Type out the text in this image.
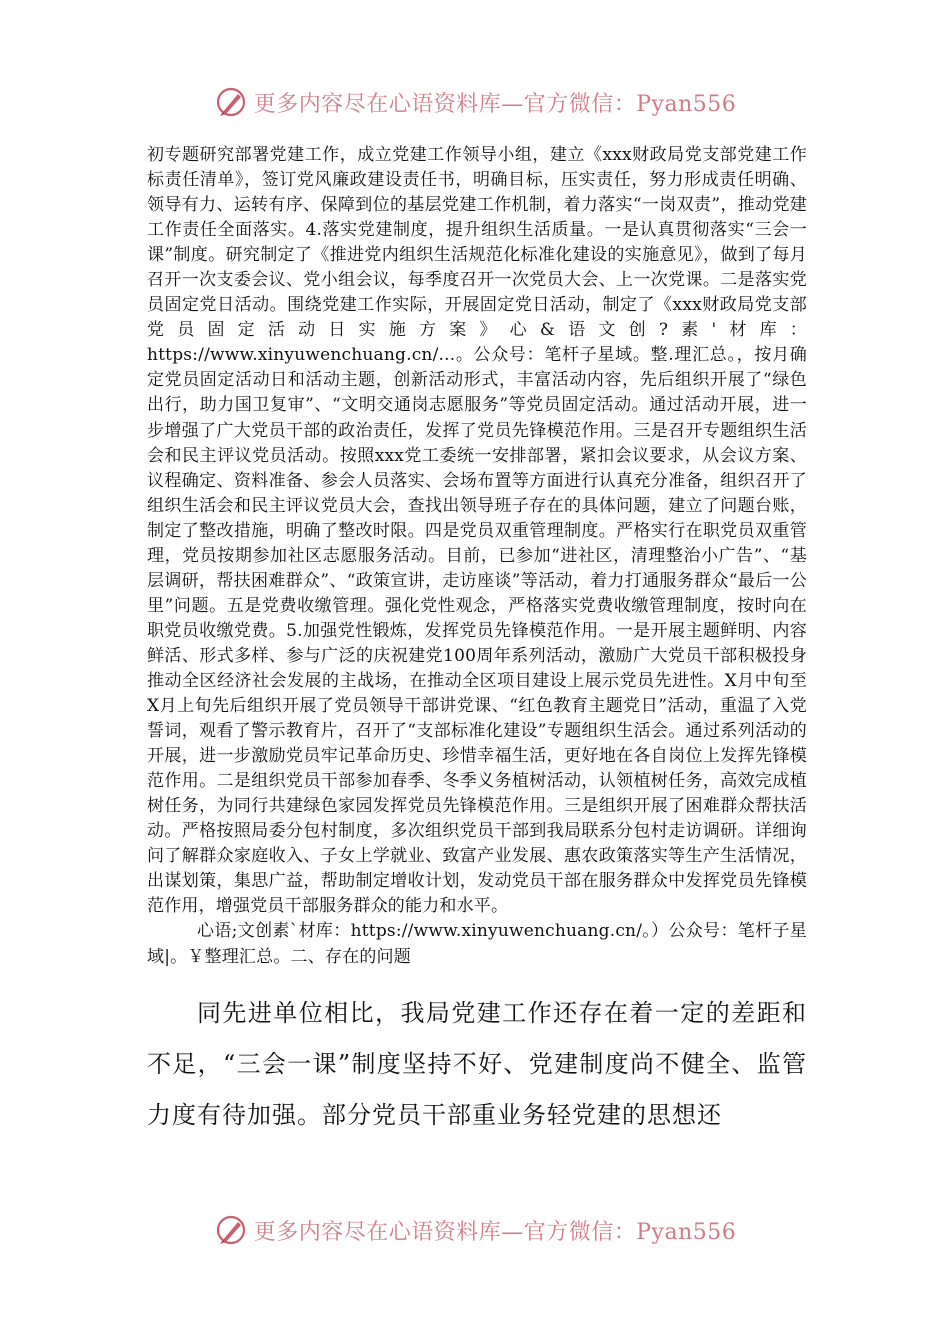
更多内容尽在心语资料库—官方微信：Pyan556

初专题研究部署党建工作，成立党建工作领导小组，建立《xxx财政局党支部党建工作标责任清单》，签订党风廉政建设责任书，明确目标，压实责任，努力形成责任明确、领导有力、运转有序、保障到位的基层党建工作机制，着力落实“一岗双责”，推动党建工作责任全面落实。4.落实党建制度，提升组织生活质量。一是认真贯彻落实“三会一课”制度。研究制定了《推进党内组织生活规范化标准化建设的实施意见》，做到了每月召开一次支委会议、党小组会议，每季度召开一次党员大会、上一次党课。二是落实党员固定党日活动。围绕党建工作实际，开展固定党日活动，制定了《xxx财政局党支部党员固定活动日实施方案》心&语文创?素'材库：https://www.xinyuwenchuang.cn/...。公众号：笔杆子星域。整.理汇总。，按月确定党员固定活动日和活动主题，创新活动形式，丰富活动内容，先后组织开展了“绿色出行，助力国卫复审”、“文明交通岗志愿服务”等党员固定活动。通过活动开展，进一步增强了广大党员干部的政治责任，发挥了党员先锋模范作用。三是召开专题组织生活会和民主评议党员活动。按照xxx党工委统一安排部署，紧扣会议要求，从会议方案、议程确定、资料准备、参会人员落实、会场布置等方面进行认真充分准备，组织召开了组织生活会和民主评议党员大会，查找出领导班子存在的具体问题，建立了问题台账，制定了整改措施，明确了整改时限。四是党员双重管理制度。严格实行在职党员双重管理，党员按期参加社区志愿服务活动。目前，已参加“进社区，清理整治小广告”、“基层调研，帮扶困难群众”、“政策宣讲，走访座谈”等活动，着力打通服务群众“最后一公里”问题。五是党费收缴管理。强化党性观念，严格落实党费收缴管理制度，按时向在职党员收缴党费。5.加强党性锻炼，发挥党员先锋模范作用。一是开展主题鲜明、内容鲜活、形式多样、参与广泛的庆祝建党100周年系列活动，激励广大党员干部积极投身推动全区经济社会发展的主战场，在推动全区项目建设上展示党员先进性。X月中旬至X月上旬先后组织开展了党员领导干部讲党课、“红色教育主题党日”活动，重温了入党誓词，观看了警示教育片，召开了“支部标准化建设”专题组织生活会。通过系列活动的开展，进一步激励党员牢记革命历史、珍惜幸福生活，更好地在各自岗位上发挥先锋模范作用。二是组织党员干部参加春季、冬季义务植树活动，认领植树任务，高效完成植树任务，为同行共建绿色家园发挥党员先锋模范作用。三是组织开展了困难群众帮扶活动。严格按照局委分包村制度，多次组织党员干部到我局联系分包村走访调研。详细询问了解群众家庭收入、子女上学就业、致富产业发展、惠农政策落实等生产生活情况，出谋划策，集思广益，帮助制定增收计划，发动党员干部在服务群众中发挥党员先锋模范作用，增强党员干部服务群众的能力和水平。

心语;文创素`材库：https://www.xinyuwenchuang.cn/。）公众号：笔杆子星域|。￥整理汇总。二、存在的问题

同先进单位相比，我局党建工作还存在着一定的差距和不足，“三会一课”制度坚持不好、党建制度尚不健全、监管力度有待加强。部分党员干部重业务轻党建的思想还

更多内容尽在心语资料库—官方微信：Pyan556
